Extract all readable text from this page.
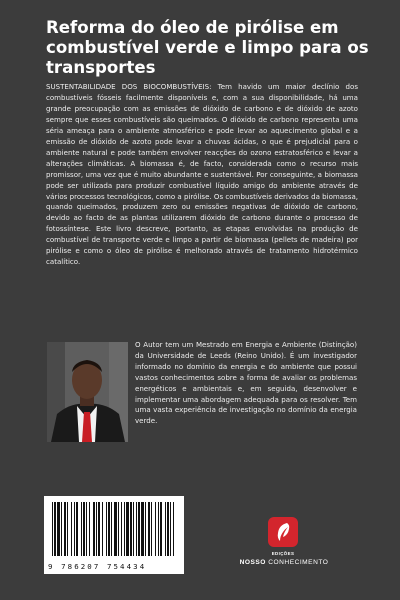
Reforma do óleo de pirólise em combustível verde e limpo para os transportes

SUSTENTABILIDADE DOS BIOCOMBUSTÍVEIS: Tem havido um maior declínio dos combustíveis fósseis facilmente disponíveis e, com a sua disponibilidade, há uma grande preocupação com as emissões de dióxido de carbono e de dióxido de azoto sempre que esses combustíveis são queimados. O dióxido de carbono representa uma séria ameaça para o ambiente atmosférico e pode levar ao aquecimento global e a emissão de dióxido de azoto pode levar a chuvas ácidas, o que é prejudicial para o ambiente natural e pode também envolver reacções do ozono estratosférico e levar a alterações climáticas. A biomassa é, de facto, considerada como o recurso mais promissor, uma vez que é muito abundante e sustentável. Por conseguinte, a biomassa pode ser utilizada para produzir combustível líquido amigo do ambiente através de vários processos tecnológicos, como a pirólise. Os combustíveis derivados da biomassa, quando queimados, produzem zero ou emissões negativas de dióxido de carbono, devido ao facto de as plantas utilizarem dióxido de carbono durante o processo de fotossíntese. Este livro descreve, portanto, as etapas envolvidas na produção de combustível de transporte verde e limpo a partir de biomassa (pellets de madeira) por pirólise e como o óleo de pirólise é melhorado através de tratamento hidrotérmico catalítico.

O Autor tem um Mestrado em Energia e Ambiente (Distinção) da Universidade de Leeds (Reino Unido). É um investigador informado no domínio da energia e do ambiente que possui vastos conhecimentos sobre a forma de avaliar os problemas energéticos e ambientais e, em seguida, desenvolver e implementar uma abordagem adequada para os resolver. Tem uma vasta experiência de investigação no domínio da energia verde.

9 786207 754434
EDIÇÕES
NOSSO CONHECIMENTO
